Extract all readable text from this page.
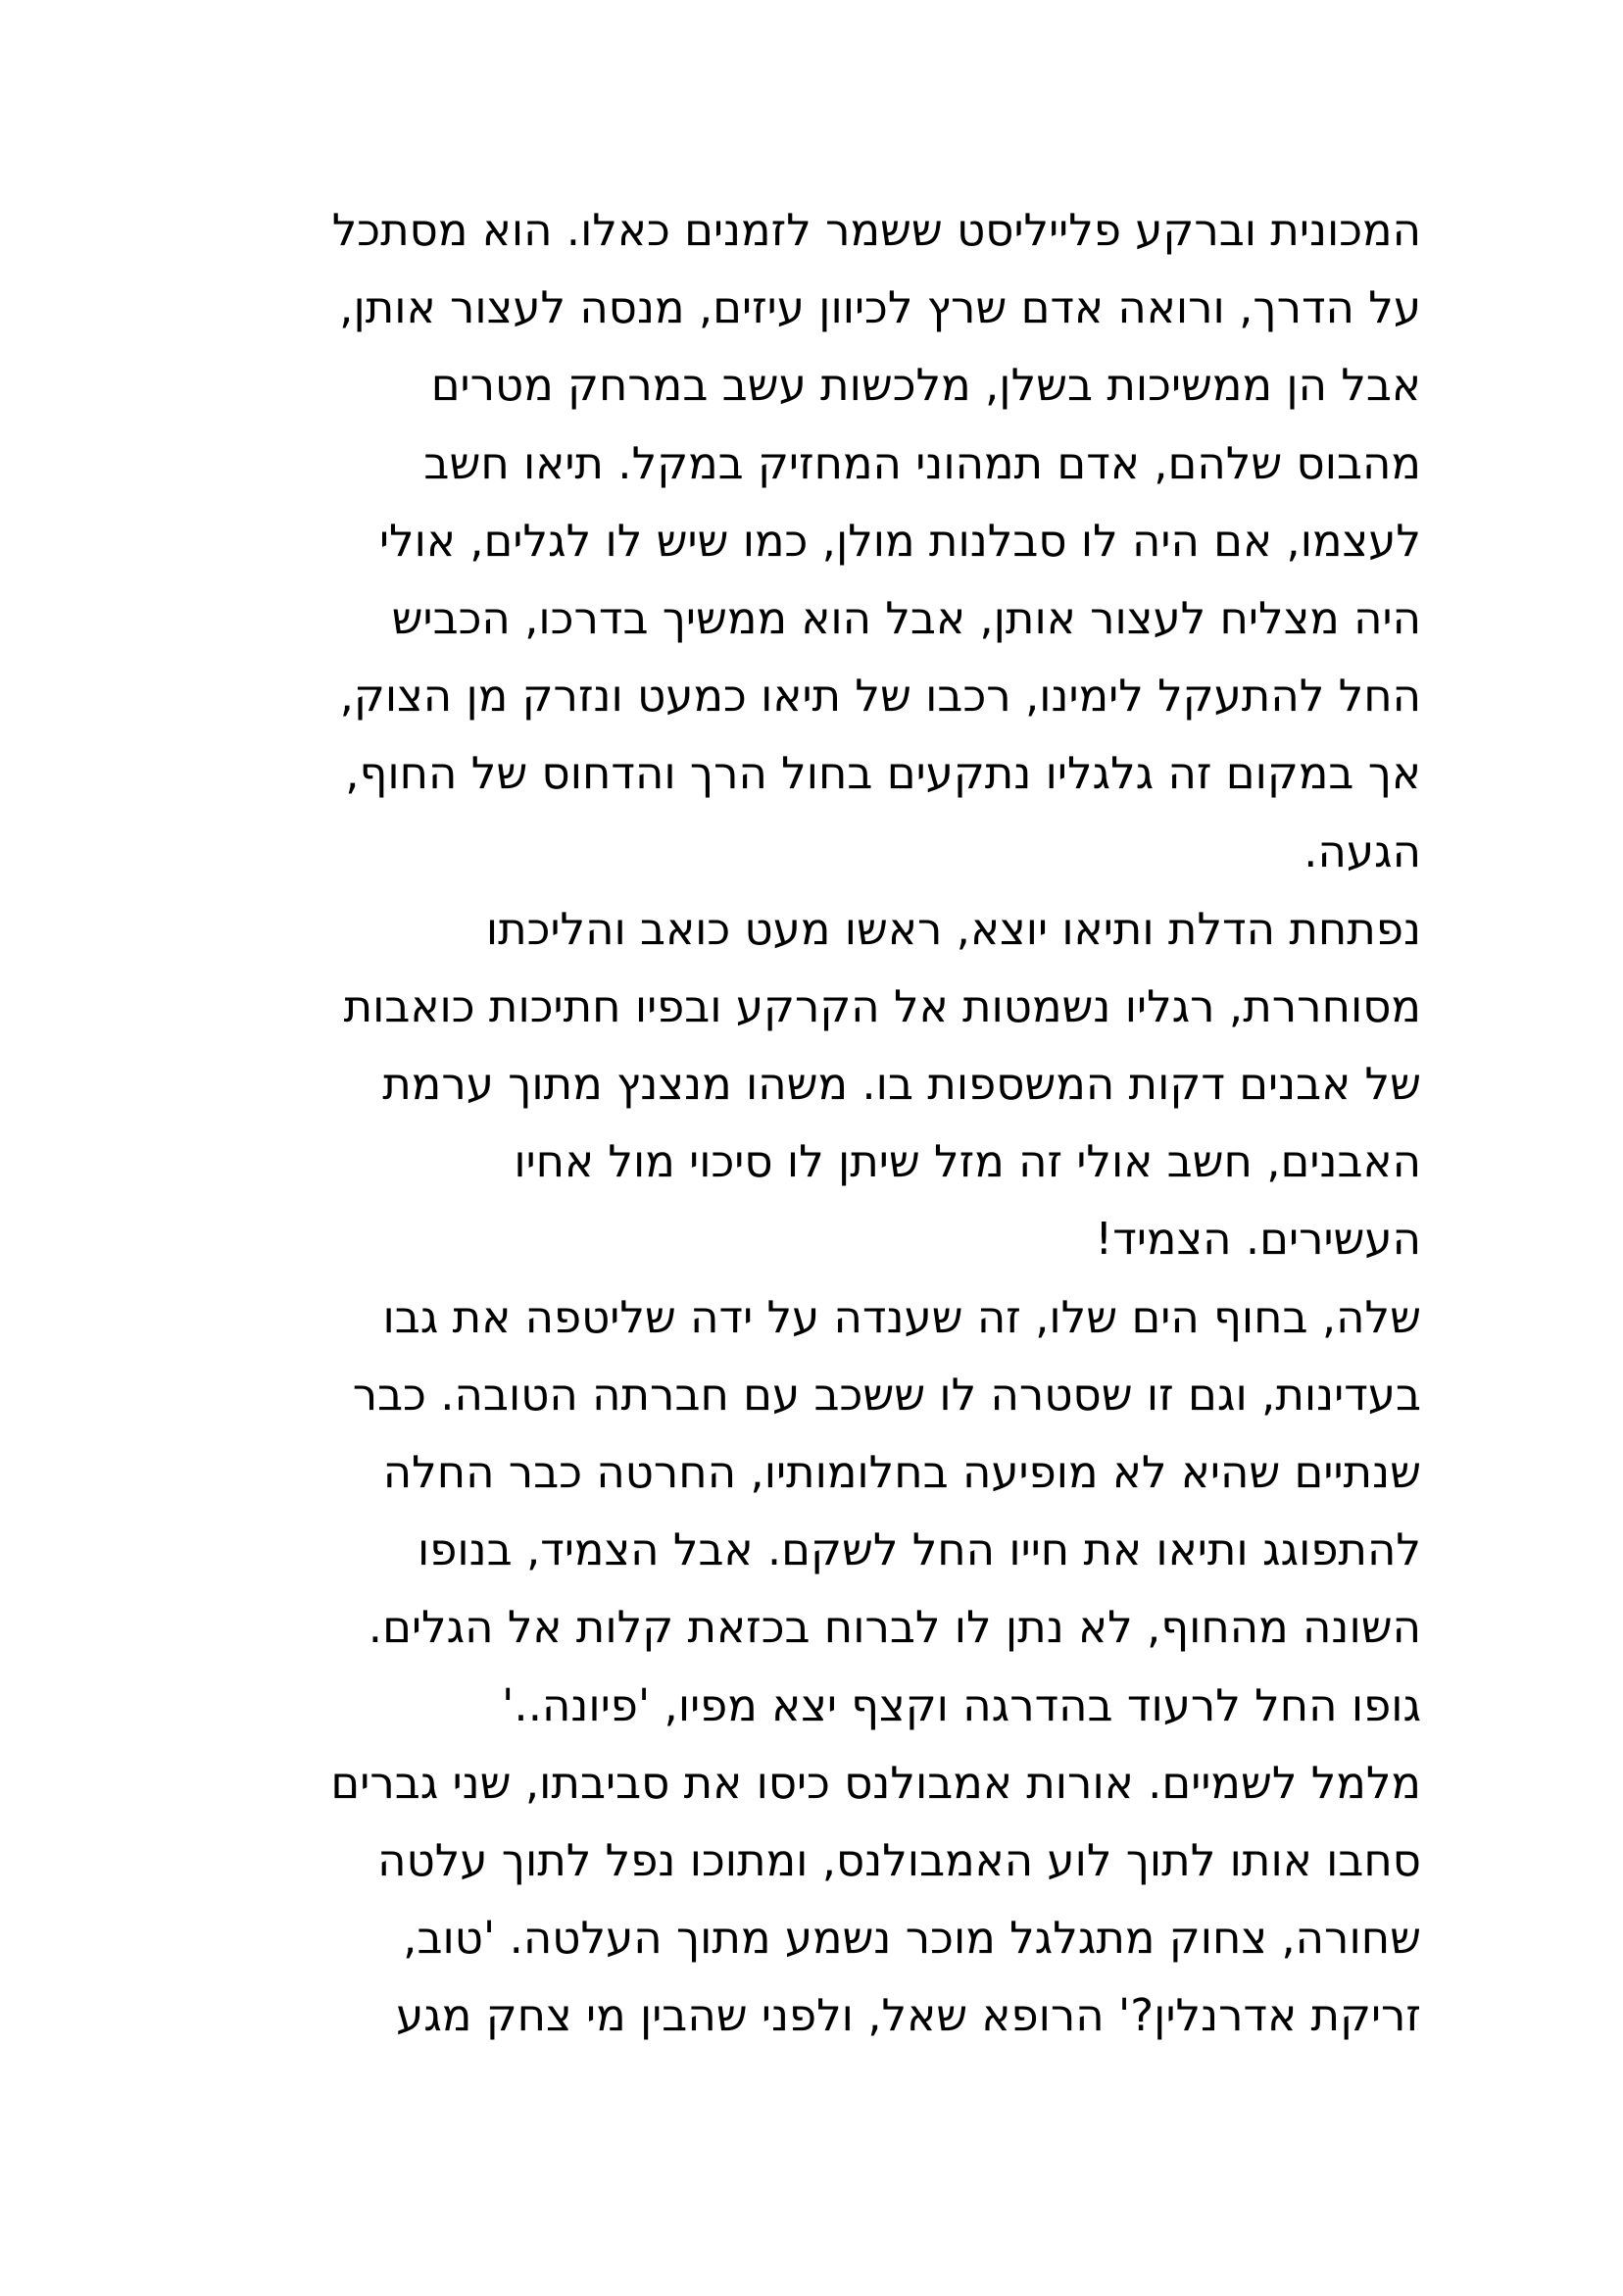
המכונית וברקע פלייליסט ששמר לזמנים כאלו. הוא מסתכל
על הדרך, ורואה אדם שרץ לכיוון עיזים, מנסה לעצור אותן,
אבל הן ממשיכות בשלן, מלכשות עשב במרחק מטרים
מהבוס שלהם, אדם תמהוני המחזיק במקל. תיאו חשב
לעצמו, אם היה לו סבלנות מולן, כמו שיש לו לגלים, אולי
היה מצליח לעצור אותן, אבל הוא ממשיך בדרכו, הכביש
החל להתעקל לימינו, רכבו של תיאו כמעט ונזרק מן הצוק,
אך במקום זה גלגליו נתקעים בחול הרך והדחוס של החוף,
הגעה.
נפתחת הדלת ותיאו יוצא, ראשו מעט כואב והליכתו
מסוחררת, רגליו נשמטות אל הקרקע ובפיו חתיכות כואבות
של אבנים דקות המשספות בו. משהו מנצנץ מתוך ערמת
האבנים, חשב אולי זה מזל שיתן לו סיכוי מול אחיו
העשירים. הצמיד!
שלה, בחוף הים שלו, זה שענדה על ידה שליטפה את גבו
בעדינות, וגם זו שסטרה לו ששכב עם חברתה הטובה. כבר
שנתיים שהיא לא מופיעה בחלומותיו, החרטה כבר החלה
להתפוגג ותיאו את חייו החל לשקם. אבל הצמיד, בנופו
השונה מהחוף, לא נתן לו לברוח בכזאת קלות אל הגלים.
גופו החל לרעוד בהדרגה וקצף יצא מפיו, 'פיונה..'
מלמל לשמיים. אורות אמבולנס כיסו את סביבתו, שני גברים
סחבו אותו לתוך לוע האמבולנס, ומתוכו נפל לתוך עלטה
שחורה, צחוק מתגלגל מוכר נשמע מתוך העלטה. 'טוב,
זריקת אדרנלין?' הרופא שאל, ולפני שהבין מי צחק מגע
